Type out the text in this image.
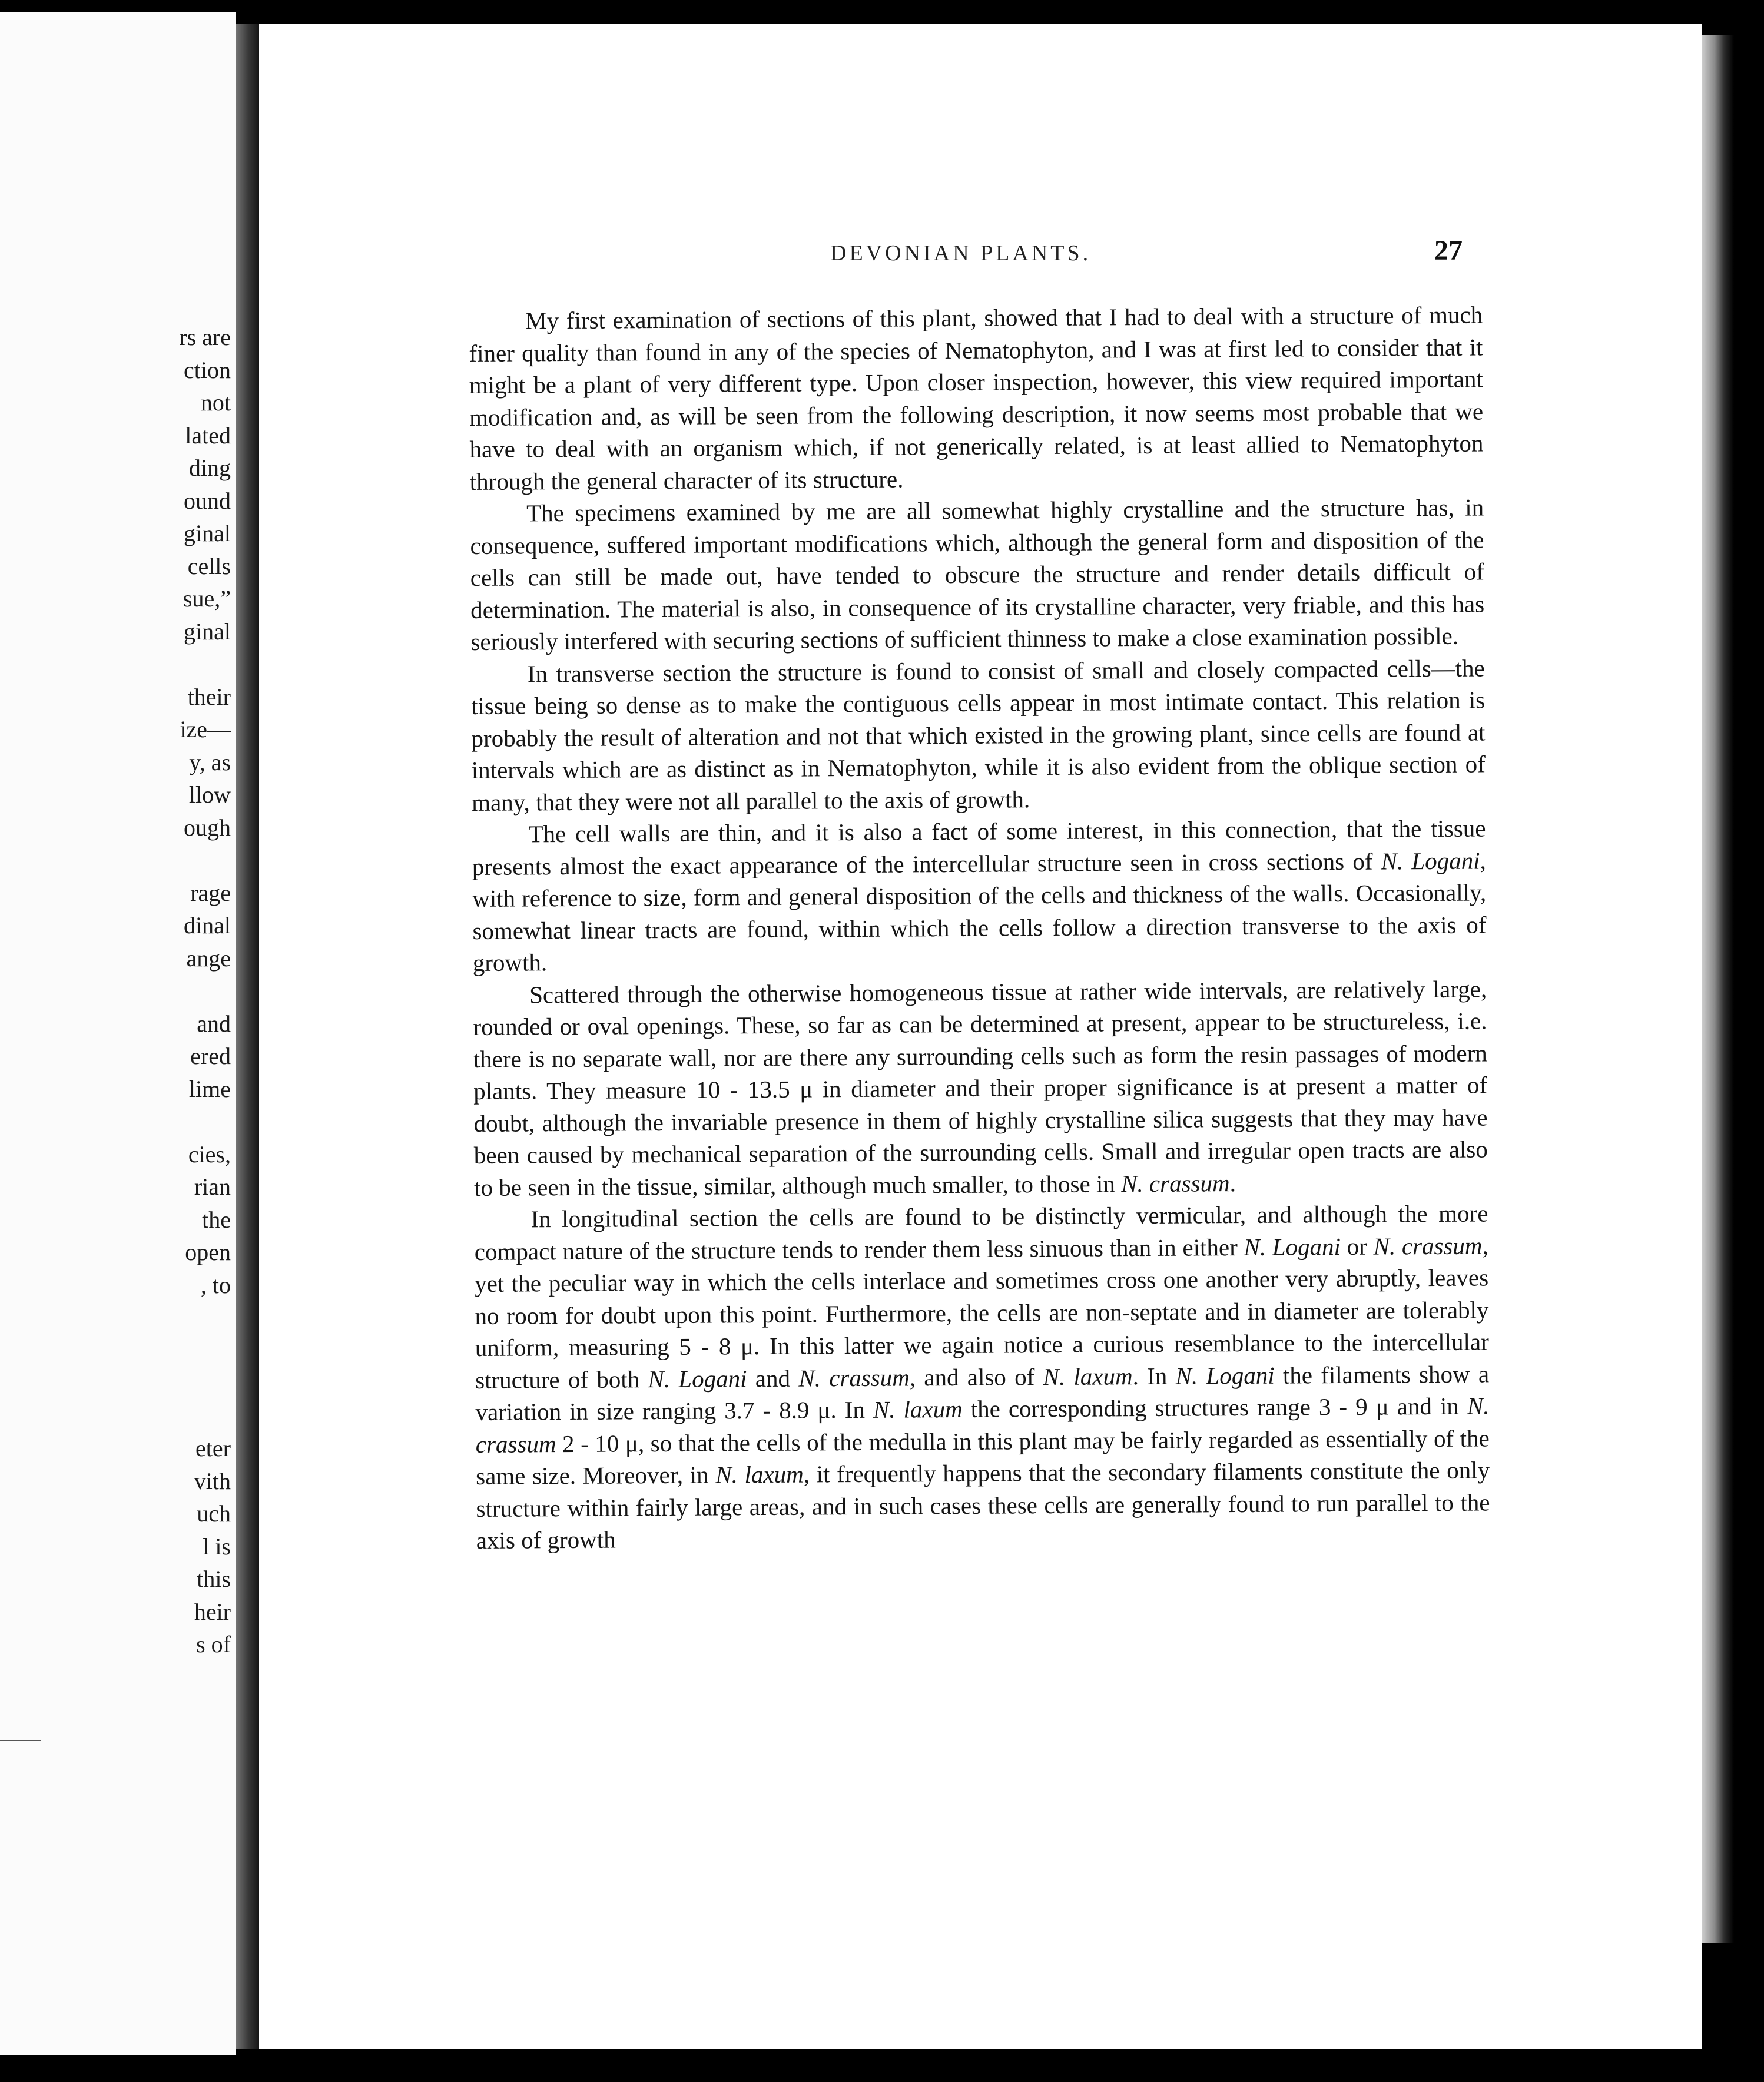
rs are
ction
not
lated
ding
ound
ginal
cells
sue,”
ginal
their
ize—
y, as
llow
ough
rage
dinal
ange
and
ered
lime
cies,
rian
the
open
, to
eter
vith
uch
l is
this
heir
s of
DEVONIAN PLANTS.	27

My first examination of sections of this plant, showed that I had to deal with a structure of much finer quality than found in any of the species of Nematophyton, and I was at first led to consider that it might be a plant of very different type. Upon closer inspection, however, this view required important modification and, as will be seen from the following description, it now seems most probable that we have to deal with an organism which, if not generically related, is at least allied to Nematophyton through the general character of its structure.

The specimens examined by me are all somewhat highly crystalline and the structure has, in consequence, suffered important modifications which, although the general form and disposition of the cells can still be made out, have tended to obscure the structure and render details difficult of determination. The material is also, in consequence of its crystalline character, very friable, and this has seriously interfered with securing sections of sufficient thinness to make a close examination possible.

In transverse section the structure is found to consist of small and closely compacted cells—the tissue being so dense as to make the contiguous cells appear in most intimate contact. This relation is probably the result of alteration and not that which existed in the growing plant, since cells are found at intervals which are as distinct as in Nematophyton, while it is also evident from the oblique section of many, that they were not all parallel to the axis of growth.

The cell walls are thin, and it is also a fact of some interest, in this connection, that the tissue presents almost the exact appearance of the intercellular structure seen in cross sections of N. Logani, with reference to size, form and general disposition of the cells and thickness of the walls. Occasionally, somewhat linear tracts are found, within which the cells follow a direction transverse to the axis of growth.

Scattered through the otherwise homogeneous tissue at rather wide intervals, are relatively large, rounded or oval openings. These, so far as can be determined at present, appear to be structureless, i.e. there is no separate wall, nor are there any surrounding cells such as form the resin passages of modern plants. They measure 10 - 13.5 μ in diameter and their proper significance is at present a matter of doubt, although the invariable presence in them of highly crystalline silica suggests that they may have been caused by mechanical separation of the surrounding cells. Small and irregular open tracts are also to be seen in the tissue, similar, although much smaller, to those in N. crassum.

In longitudinal section the cells are found to be distinctly vermicular, and although the more compact nature of the structure tends to render them less sinuous than in either N. Logani or N. crassum, yet the peculiar way in which the cells interlace and sometimes cross one another very abruptly, leaves no room for doubt upon this point. Furthermore, the cells are non-septate and in diameter are tolerably uniform, measuring 5 - 8 μ. In this latter we again notice a curious resemblance to the intercellular structure of both N. Logani and N. crassum, and also of N. laxum. In N. Logani the filaments show a variation in size ranging 3.7 - 8.9 μ. In N. laxum the corresponding structures range 3 - 9 μ and in N. crassum 2 - 10 μ, so that the cells of the medulla in this plant may be fairly regarded as essentially of the same size. Moreover, in N. laxum, it frequently happens that the secondary filaments constitute the only structure within fairly large areas, and in such cases these cells are generally found to run parallel to the axis of growth
